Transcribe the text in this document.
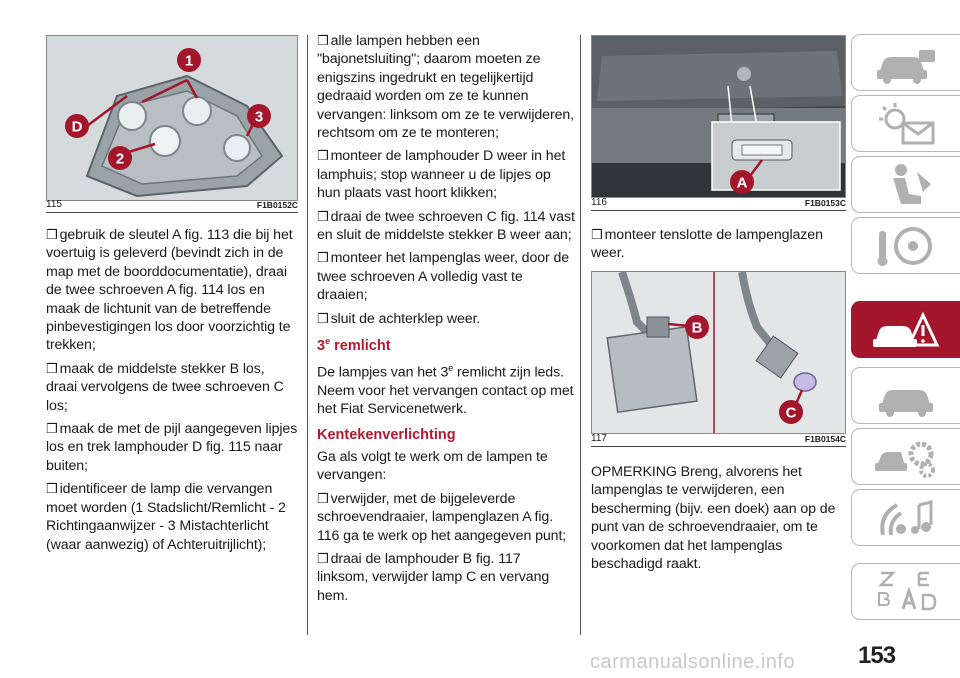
1
D
3
2
115	F1B0152C

❒ gebruik de sleutel A fig. 113 die bij het voertuig is geleverd (bevindt zich in de map met de boorddocumentatie), draai de twee schroeven A fig. 114 los en maak de lichtunit van de betreffende pinbevestigingen los door voorzichtig te trekken;

❒ maak de middelste stekker B los, draai vervolgens de twee schroeven C los;

❒ maak de met de pijl aangegeven lipjes los en trek lamphouder D fig. 115 naar buiten;

❒ identificeer de lamp die vervangen moet worden (1 Stadslicht/Remlicht - 2 Richtingaanwijzer - 3 Mistachterlicht (waar aanwezig) of Achteruitrijlicht);

❒ alle lampen hebben een "bajonetsluiting"; daarom moeten ze enigszins ingedrukt en tegelijkertijd gedraaid worden om ze te kunnen vervangen: linksom om ze te verwijderen, rechtsom om ze te monteren;

❒ monteer de lamphouder D weer in het lamphuis; stop wanneer u de lipjes op hun plaats vast hoort klikken;

❒ draai de twee schroeven C fig. 114 vast en sluit de middelste stekker B weer aan;

❒ monteer het lampenglas weer, door de twee schroeven A volledig vast te draaien;

❒ sluit de achterklep weer.

3e remlicht

De lampjes van het 3e remlicht zijn leds. Neem voor het vervangen contact op met het Fiat Servicenetwerk.

Kentekenverlichting

Ga als volgt te werk om de lampen te vervangen:

❒ verwijder, met de bijgeleverde schroevendraaier, lampenglazen A fig. 116 ga te werk op het aangegeven punt;

❒ draai de lamphouder B fig. 117 linksom, verwijder lamp C en vervang hem.

A
116	F1B0153C

❒ monteer tenslotte de lampenglazen weer.

B
C
117	F1B0154C

OPMERKING Breng, alvorens het lampenglas te verwijderen, een bescherming (bijv. een doek) aan op de punt van de schroevendraaier, om te voorkomen dat het lampenglas beschadigd raakt.

153
carmanualsonline.info
